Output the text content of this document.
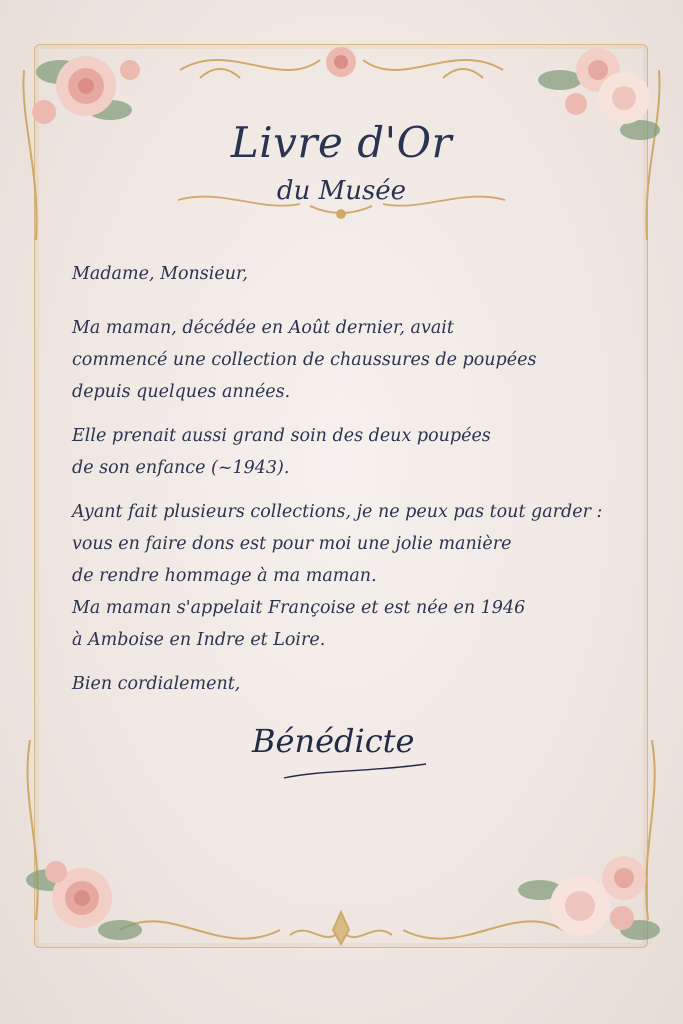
Livre d'Or
du Musée
Madame, Monsieur,
Ma maman, décédée en Août dernier, avait
commencé une collection de chaussures de poupées
depuis quelques années.
Elle prenait aussi grand soin des deux poupées
de son enfance (~1943).
Ayant fait plusieurs collections, je ne peux pas tout garder :
vous en faire dons est pour moi une jolie manière
de rendre hommage à ma maman.
Ma maman s'appelait Françoise et est née en 1946
à Amboise en Indre et Loire.
Bien cordialement,
Bénédicte
